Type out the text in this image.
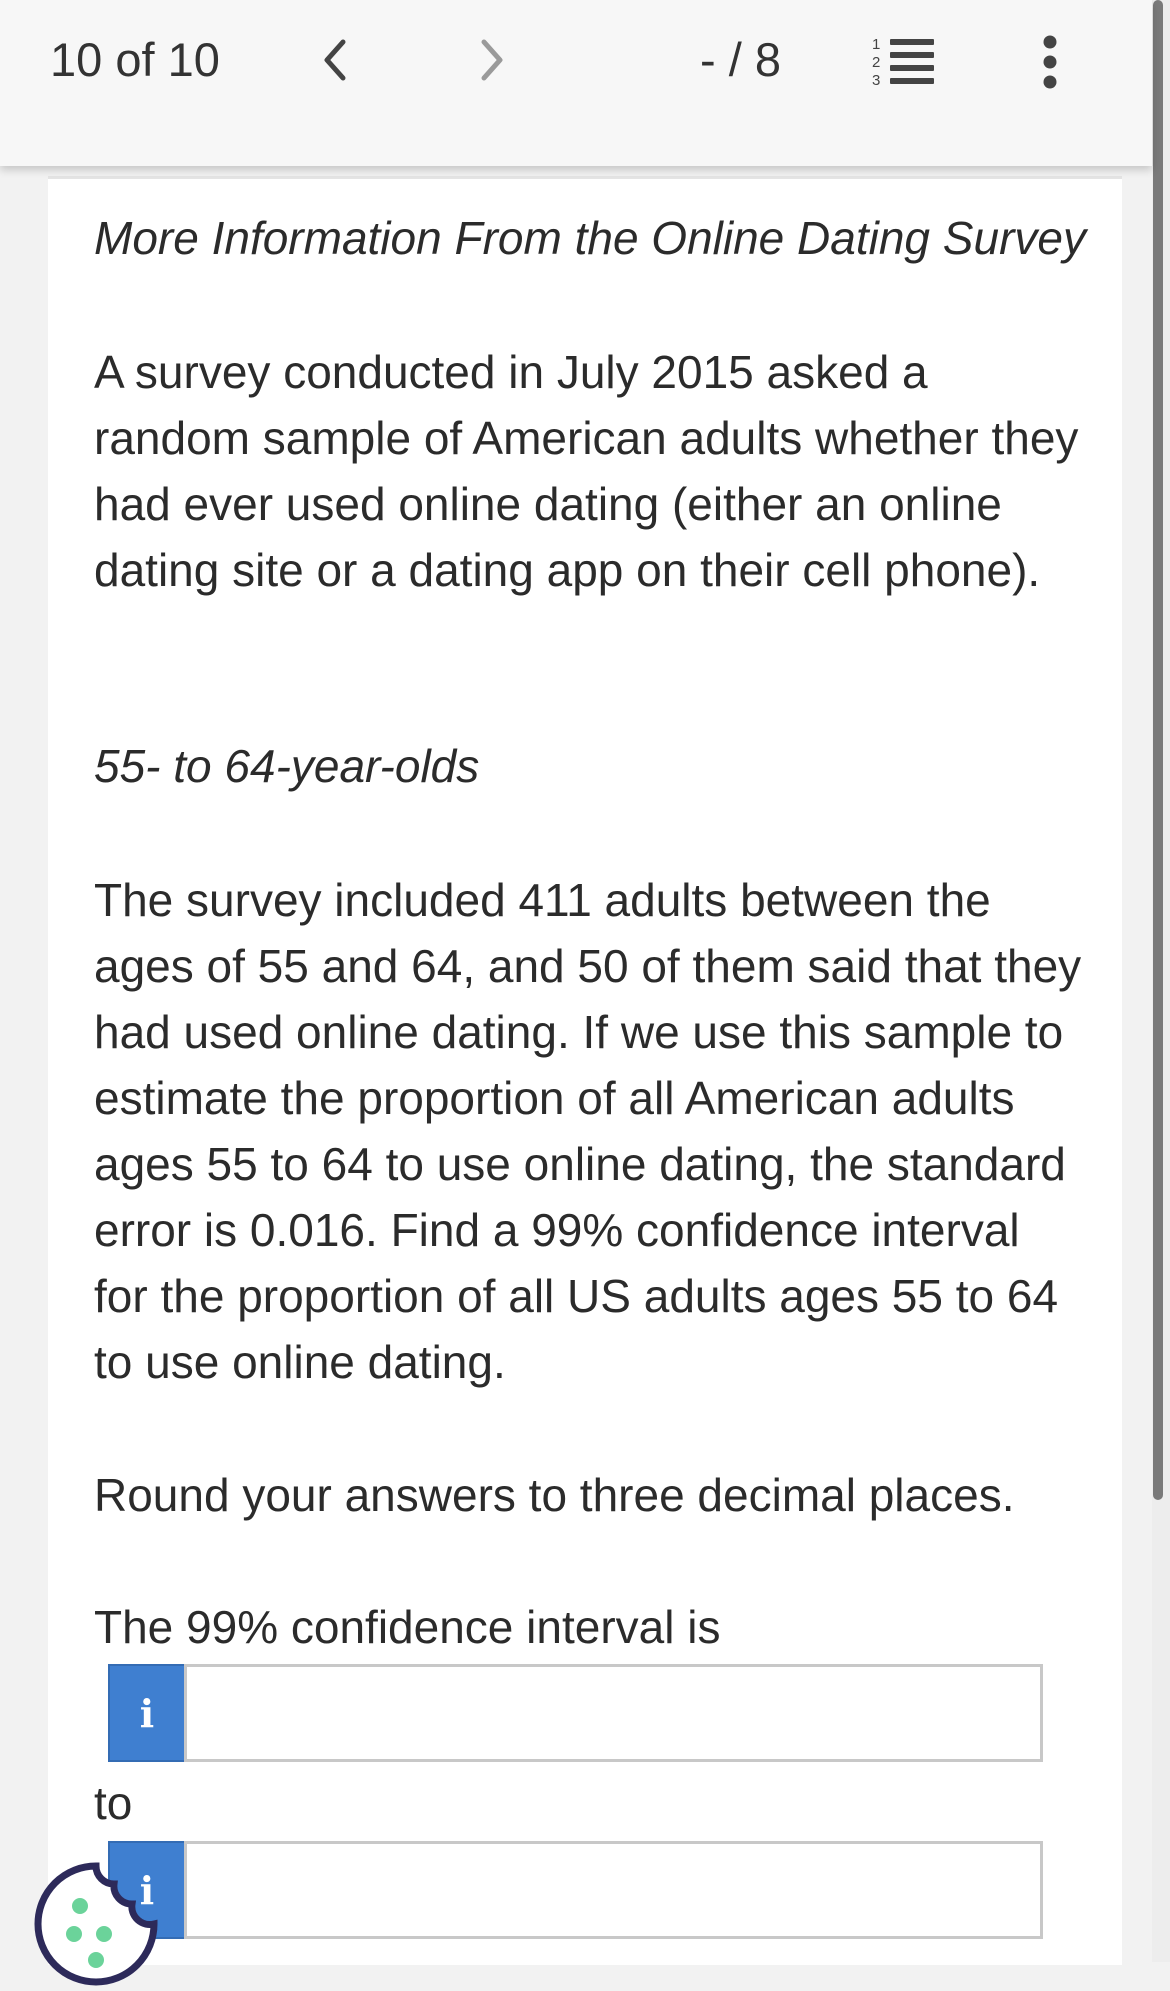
10 of 10	- / 8	1
2
3
More Information From the Online Dating Survey

A survey conducted in July 2015 asked a random sample of American adults whether they had ever used online dating (either an online dating site or a dating app on their cell phone).

55- to 64-year-olds

The survey included 411 adults between the ages of 55 and 64, and 50 of them said that they had used online dating. If we use this sample to estimate the proportion of all American adults ages 55 to 64 to use online dating, the standard error is 0.016. Find a 99% confidence interval for the proportion of all US adults ages 55 to 64 to use online dating.

Round your answers to three decimal places.

The 99% confidence interval is

i
to
i
